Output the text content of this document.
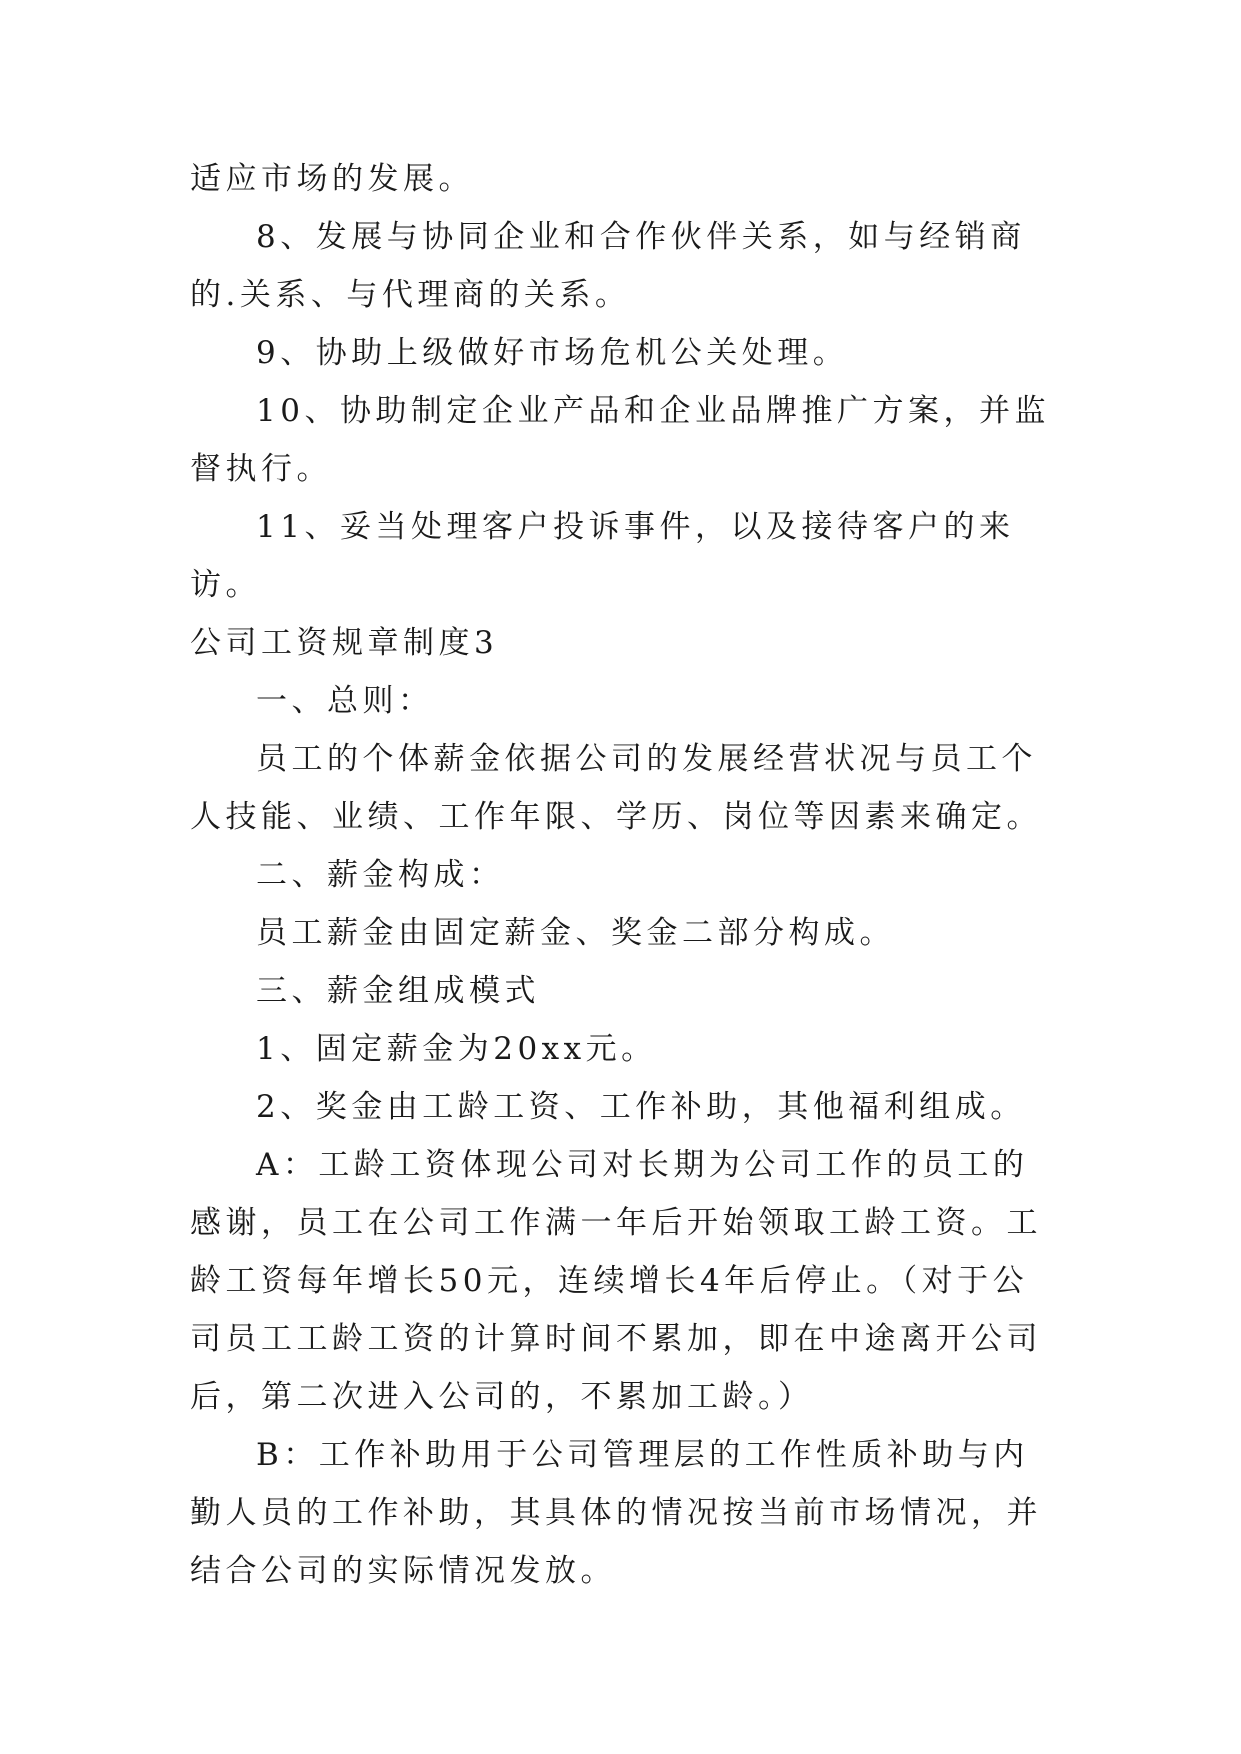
适应市场的发展。

8、发展与协同企业和合作伙伴关系，如与经销商的.关系、与代理商的关系。

9、协助上级做好市场危机公关处理。

10、协助制定企业产品和企业品牌推广方案，并监督执行。

11、妥当处理客户投诉事件，以及接待客户的来访。

公司工资规章制度3

一、总则：

员工的个体薪金依据公司的发展经营状况与员工个人技能、业绩、工作年限、学历、岗位等因素来确定。

二、薪金构成：

员工薪金由固定薪金、奖金二部分构成。

三、薪金组成模式

1、固定薪金为20xx元。

2、奖金由工龄工资、工作补助，其他福利组成。

A：工龄工资体现公司对长期为公司工作的员工的感谢，员工在公司工作满一年后开始领取工龄工资。工龄工资每年增长50元，连续增长4年后停止。（对于公司员工工龄工资的计算时间不累加，即在中途离开公司后，第二次进入公司的，不累加工龄。）

B：工作补助用于公司管理层的工作性质补助与内勤人员的工作补助，其具体的情况按当前市场情况，并结合公司的实际情况发放。
